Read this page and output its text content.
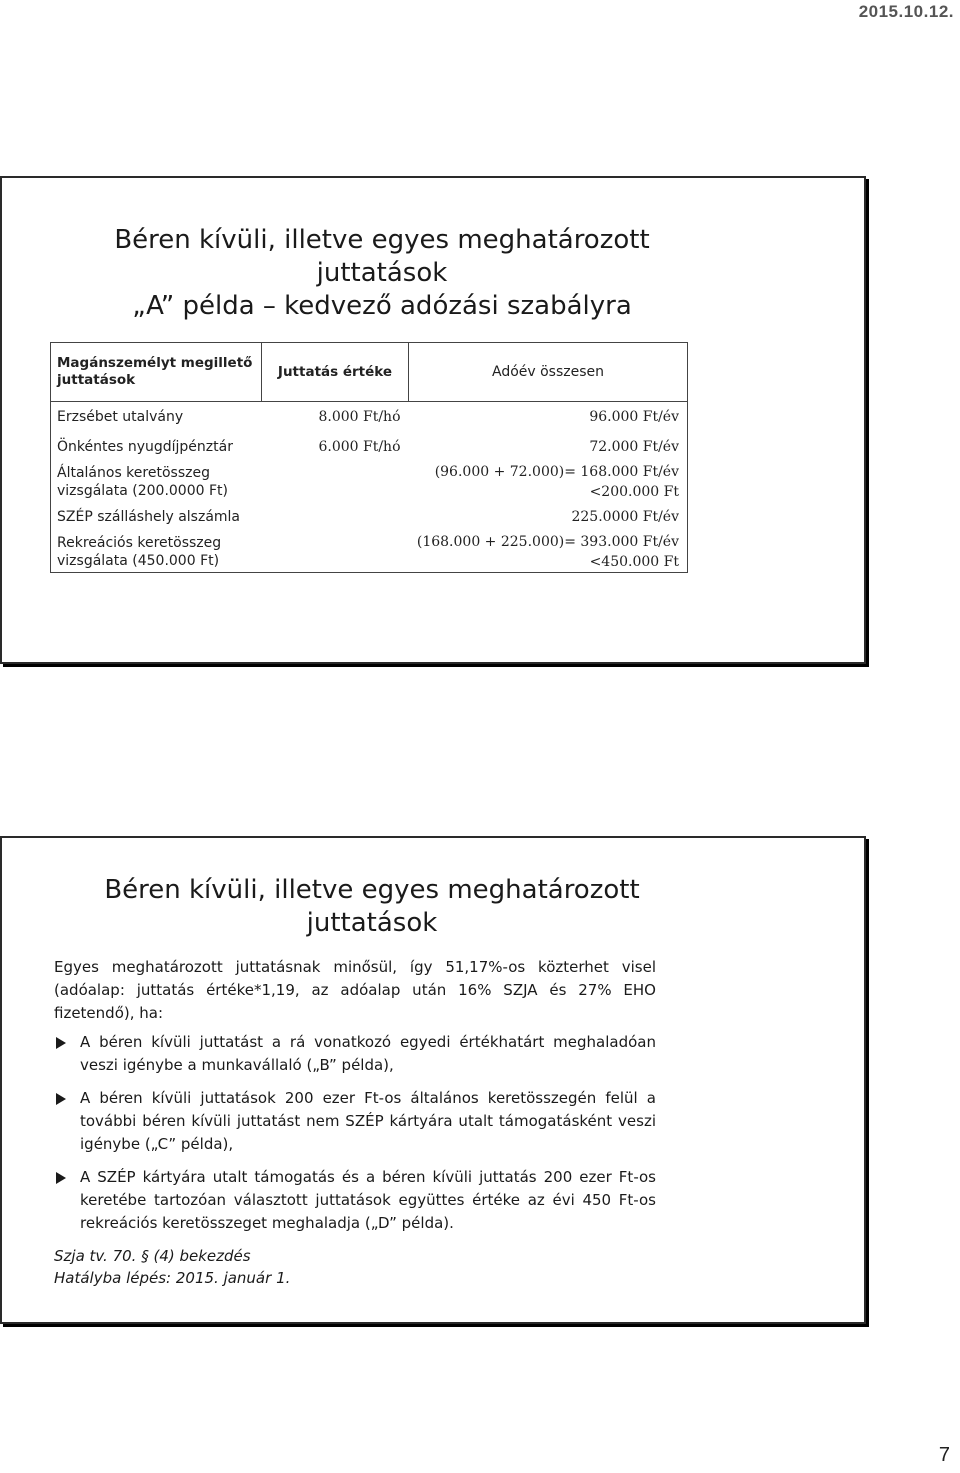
2015.10.12.
Béren kívüli, illetve egyes meghatározott
juttatások
„A” példa – kedvező adózási szabályra
Magánszemélyt megillető juttatások	Juttatás értéke	Adóév összesen
Erzsébet utalvány	8.000 Ft/hó	96.000 Ft/év
Önkéntes nyugdíjpénztár	6.000 Ft/hó	72.000 Ft/év
Általános keretösszeg vizsgálata (200.0000 Ft)		(96.000 + 72.000)= 168.000 Ft/év
<200.000 Ft

SZÉP szálláshely alszámla		225.0000 Ft/év
Rekreációs keretösszeg vizsgálata (450.000 Ft)		(168.000 + 225.000)= 393.000 Ft/év
<450.000 Ft
Béren kívüli, illetve egyes meghatározott
juttatások
Egyes meghatározott juttatásnak minősül, így 51,17%-os közterhet visel (adóalap: juttatás értéke*1,19, az adóalap után 16% SZJA és 27% EHO fizetendő), ha:
A béren kívüli juttatást a rá vonatkozó egyedi értékhatárt meghaladóan veszi igénybe a munkavállaló („B” példa),
A béren kívüli juttatások 200 ezer Ft-os általános keretösszegén felül a további béren kívüli juttatást nem SZÉP kártyára utalt támogatásként veszi igénybe („C” példa),
A SZÉP kártyára utalt támogatás és a béren kívüli juttatás 200 ezer Ft-os keretébe tartozóan választott juttatások együttes értéke az évi 450 Ft-os rekreációs keretösszeget meghaladja („D” példa).

Szja tv. 70. § (4) bekezdés

Hatályba lépés: 2015. január 1.

7
